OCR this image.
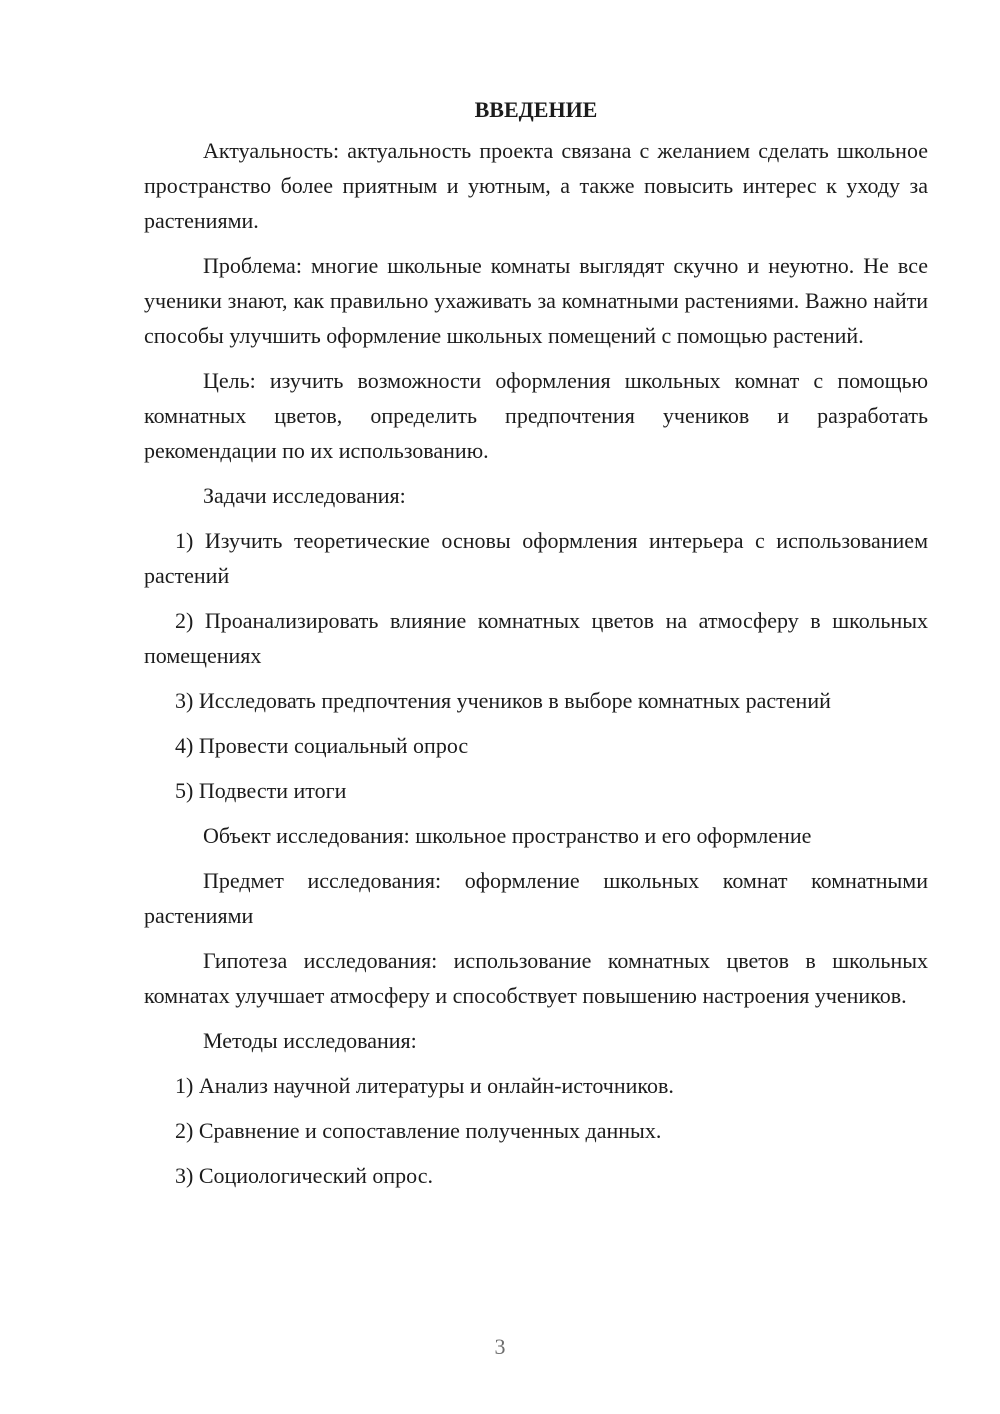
ВВЕДЕНИЕ

Актуальность: актуальность проекта связана с желанием сделать школьное пространство более приятным и уютным, а также повысить интерес к уходу за растениями.

Проблема: многие школьные комнаты выглядят скучно и неуютно. Не все ученики знают, как правильно ухаживать за комнатными растениями. Важно найти способы улучшить оформление школьных помещений с помощью растений.

Цель: изучить возможности оформления школьных комнат с помощью комнатных цветов, определить предпочтения учеников и разработать рекомендации по их использованию.

Задачи исследования:

1) Изучить теоретические основы оформления интерьера с использованием растений

2) Проанализировать влияние комнатных цветов на атмосферу в школьных помещениях

3) Исследовать предпочтения учеников в выборе комнатных растений

4) Провести социальный опрос

5) Подвести итоги

Объект исследования: школьное пространство и его оформление

Предмет исследования: оформление школьных комнат комнатными растениями

Гипотеза исследования: использование комнатных цветов в школьных комнатах улучшает атмосферу и способствует повышению настроения учеников.

Методы исследования:

1) Анализ научной литературы и онлайн-источников.

2) Сравнение и сопоставление полученных данных.

3) Социологический опрос.

3
